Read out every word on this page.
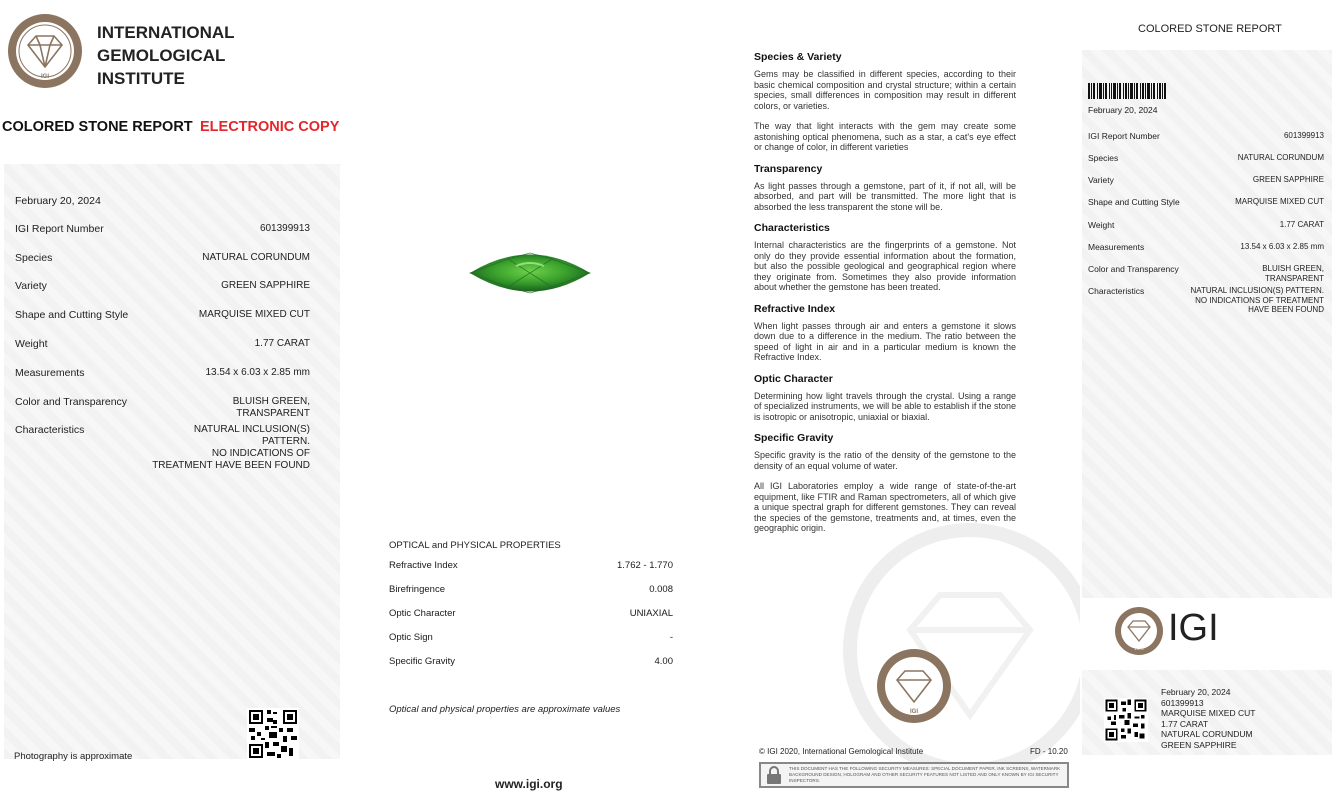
IGI
INTERNATIONAL
GEMOLOGICAL
INSTITUTE
COLORED STONE REPORT ELECTRONIC COPY
February 20, 2024
IGI Report Number	601399913
Species	NATURAL CORUNDUM
Variety	GREEN SAPPHIRE
Shape and Cutting Style	MARQUISE MIXED CUT
Weight	1.77 CARAT
Measurements	13.54 x 6.03 x 2.85 mm
Color and Transparency	BLUISH GREEN,
TRANSPARENT
Characteristics	NATURAL INCLUSION(S)
PATTERN.
NO INDICATIONS OF
TREATMENT HAVE BEEN FOUND
Photography is approximate
OPTICAL and PHYSICAL PROPERTIES
Refractive Index	1.762 - 1.770
Birefringence	0.008
Optic Character	UNIAXIAL
Optic Sign	-
Specific Gravity	4.00
Optical and physical properties are approximate values
www.igi.org
Species & Variety

Gems may be classified in different species, according to their basic chemical composition and crystal structure; within a certain species, small differences in composition may result in different colors, or varieties.

The way that light interacts with the gem may create some astonishing optical phenomena, such as a star, a cat's eye effect or change of color, in different varieties

Transparency

As light passes through a gemstone, part of it, if not all, will be absorbed, and part will be transmitted. The more light that is absorbed the less transparent the stone will be.

Characteristics

Internal characteristics are the fingerprints of a gemstone. Not only do they provide essential information about the formation, but also the possible geological and geographical region where they originate from. Sometimes they also provide information about whether the gemstone has been treated.

Refractive Index

When light passes through air and enters a gemstone it slows down due to a difference in the medium. The ratio between the speed of light in air and in a particular medium is known the Refractive Index.

Optic Character

Determining how light travels through the crystal. Using a range of specialized instruments, we will be able to establish if the stone is isotropic or anisotropic, uniaxial or biaxial.

Specific Gravity

Specific gravity is the ratio of the density of the gemstone to the density of an equal volume of water.

All IGI Laboratories employ a wide range of state-of-the-art equipment, like FTIR and Raman spectrometers, all of which give a unique spectral graph for different gemstones. They can reveal the species of the gemstone, treatments and, at times, even the geographic origin.

IGI
© IGI 2020, International Gemological Institute	FD - 10.20
THIS DOCUMENT HAS THE FOLLOWING SECURITY MEASURES: SPECIAL DOCUMENT PAPER, INK SCREENS, WATERMARK BACKGROUND DESIGN, HOLOGRAM AND OTHER SECURITY FEATURES NOT LISTED AND ONLY KNOWN BY IGI SECURITY INSPECTORS.
COLORED STONE REPORT
February 20, 2024
IGI Report Number	601399913
Species	NATURAL CORUNDUM
Variety	GREEN SAPPHIRE
Shape and Cutting Style	MARQUISE MIXED CUT
Weight	1.77 CARAT
Measurements	13.54 x 6.03 x 2.85 mm
Color and Transparency	BLUISH GREEN,
TRANSPARENT
Characteristics	NATURAL INCLUSION(S) PATTERN.
NO INDICATIONS OF TREATMENT
HAVE BEEN FOUND
1975 IGI
February 20, 2024
601399913
MARQUISE MIXED CUT
1.77 CARAT
NATURAL CORUNDUM
GREEN SAPPHIRE
